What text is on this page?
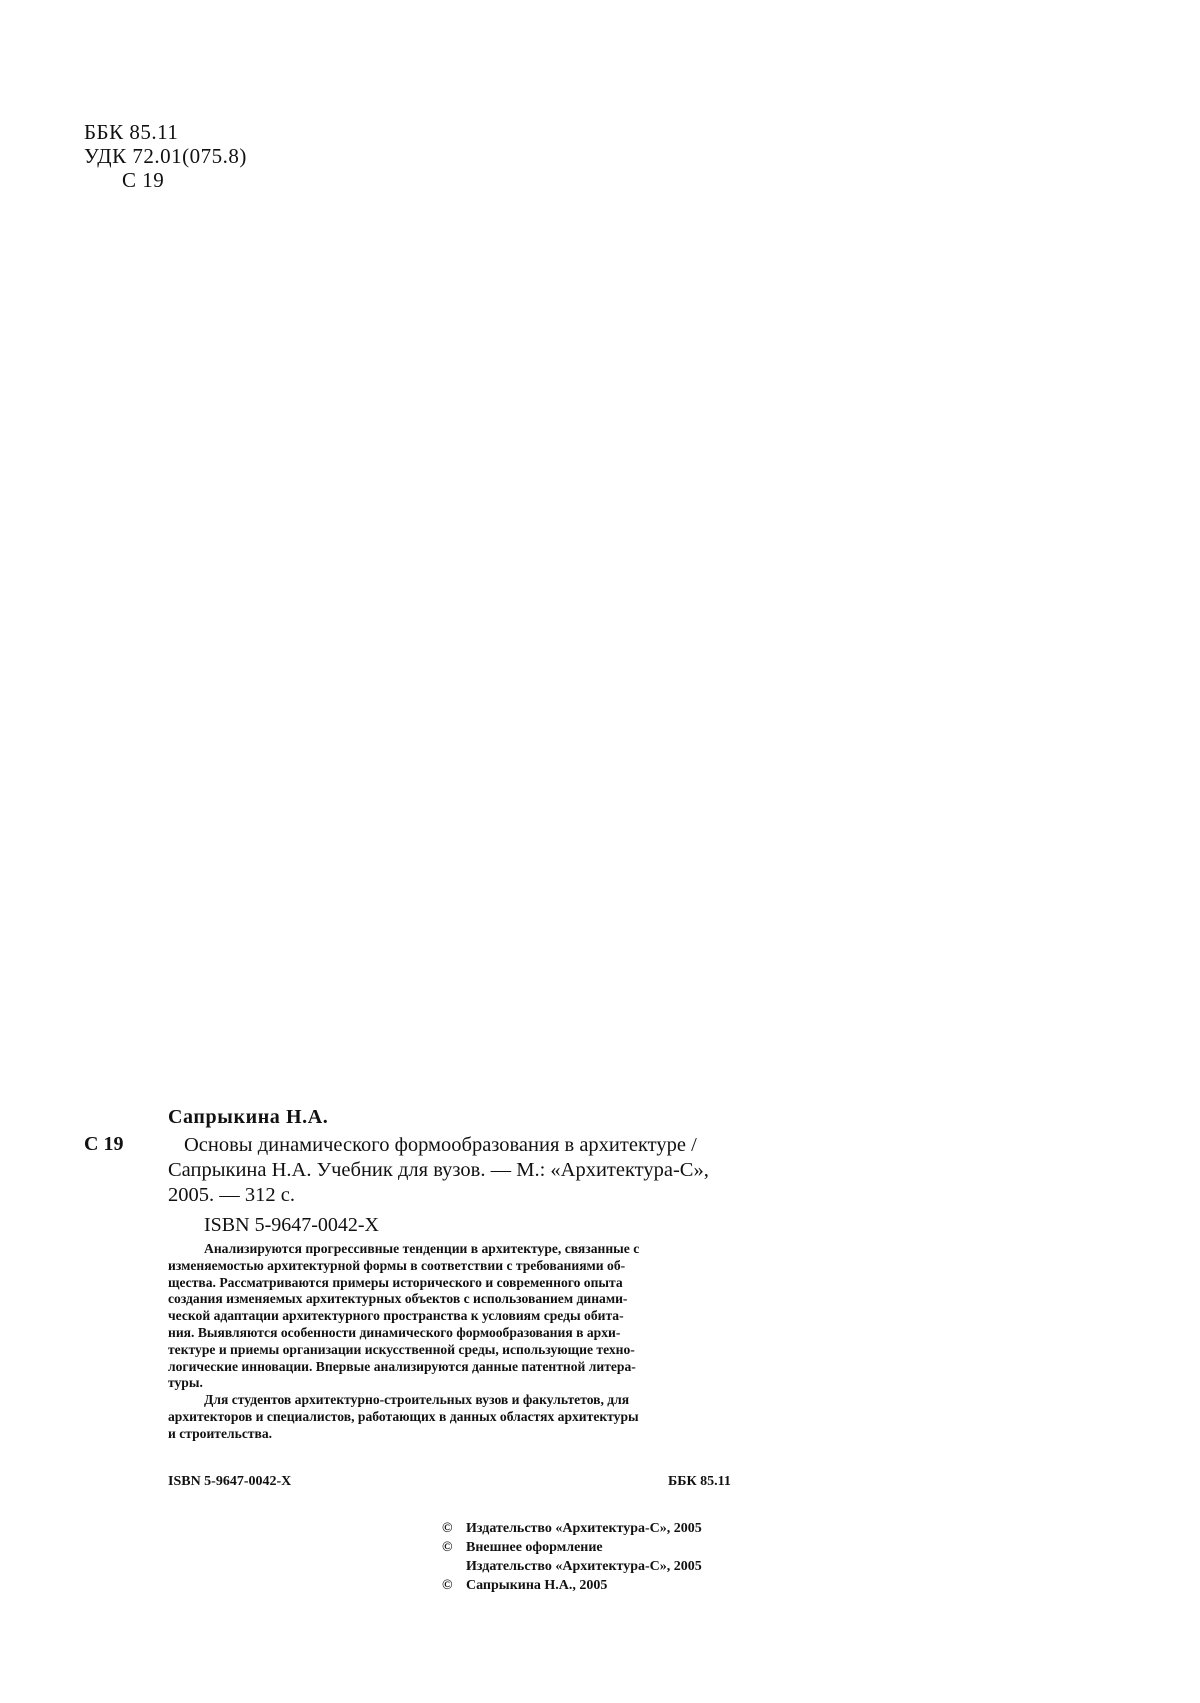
ББК 85.11
УДК 72.01(075.8)
С 19
Сапрыкина Н.А.
С 19	Основы динамического формообразования в архитектуре /
Сапрыкина Н.А. Учебник для вузов. — М.: «Архитектура-С»,
2005. — 312 с.
ISBN 5-9647-0042-X
Анализируются прогрессивные тенденции в архитектуре, связанные с
изменяемостью архитектурной формы в соответствии с требованиями об-
щества. Рассматриваются примеры исторического и современного опыта
создания изменяемых архитектурных объектов с использованием динами-
ческой адаптации архитектурного пространства к условиям среды обита-
ния. Выявляются особенности динамического формообразования в архи-
тектуре и приемы организации искусственной среды, использующие техно-
логические инновации. Впервые анализируются данные патентной литера-
туры.
Для студентов архитектурно-строительных вузов и факультетов, для
архитекторов и специалистов, работающих в данных областях архитектуры
и строительства.
ISBN 5-9647-0042-X	ББК 85.11
© Издательство «Архитектура-С», 2005
© Внешнее оформление
Издательство «Архитектура-С», 2005
© Сапрыкина Н.А., 2005
